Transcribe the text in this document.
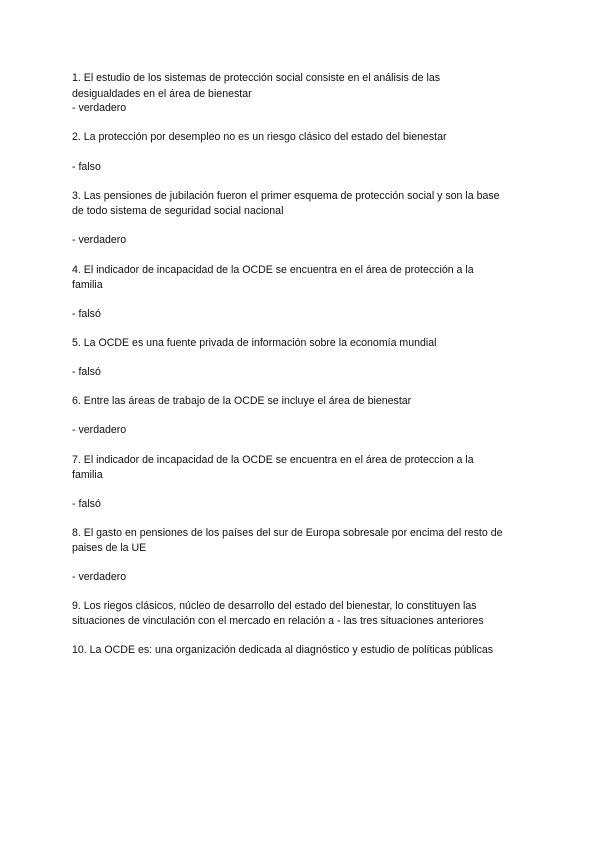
1. El estudio de los sistemas de protección social consiste en el análisis de las
desigualdades en el área de bienestar
- verdadero
2. La protección por desempleo no es un riesgo clásico del estado del bienestar
- falso
3. Las pensiones de jubilación fueron el primer esquema de protección social y son la base
de todo sistema de seguridad social nacional
- verdadero
4. El indicador de incapacidad de la OCDE se encuentra en el área de protección a la
familia
- falsó
5. La OCDE es una fuente privada de información sobre la economía mundial
- falsó
6. Entre las áreas de trabajo de la OCDE se incluye el área de bienestar
- verdadero
7. El indicador de incapacidad de la OCDE se encuentra en el área de proteccion a la
familia
- falsó
8. El gasto en pensiones de los países del sur de Europa sobresale por encima del resto de
paises de la UE
- verdadero
9. Los riegos clásicos, núcleo de desarrollo del estado del bienestar, lo constituyen las
situaciones de vinculación con el mercado en relación a - las tres situaciones anteriores
10. La OCDE es: una organización dedicada al diagnóstico y estudio de políticas públicas
